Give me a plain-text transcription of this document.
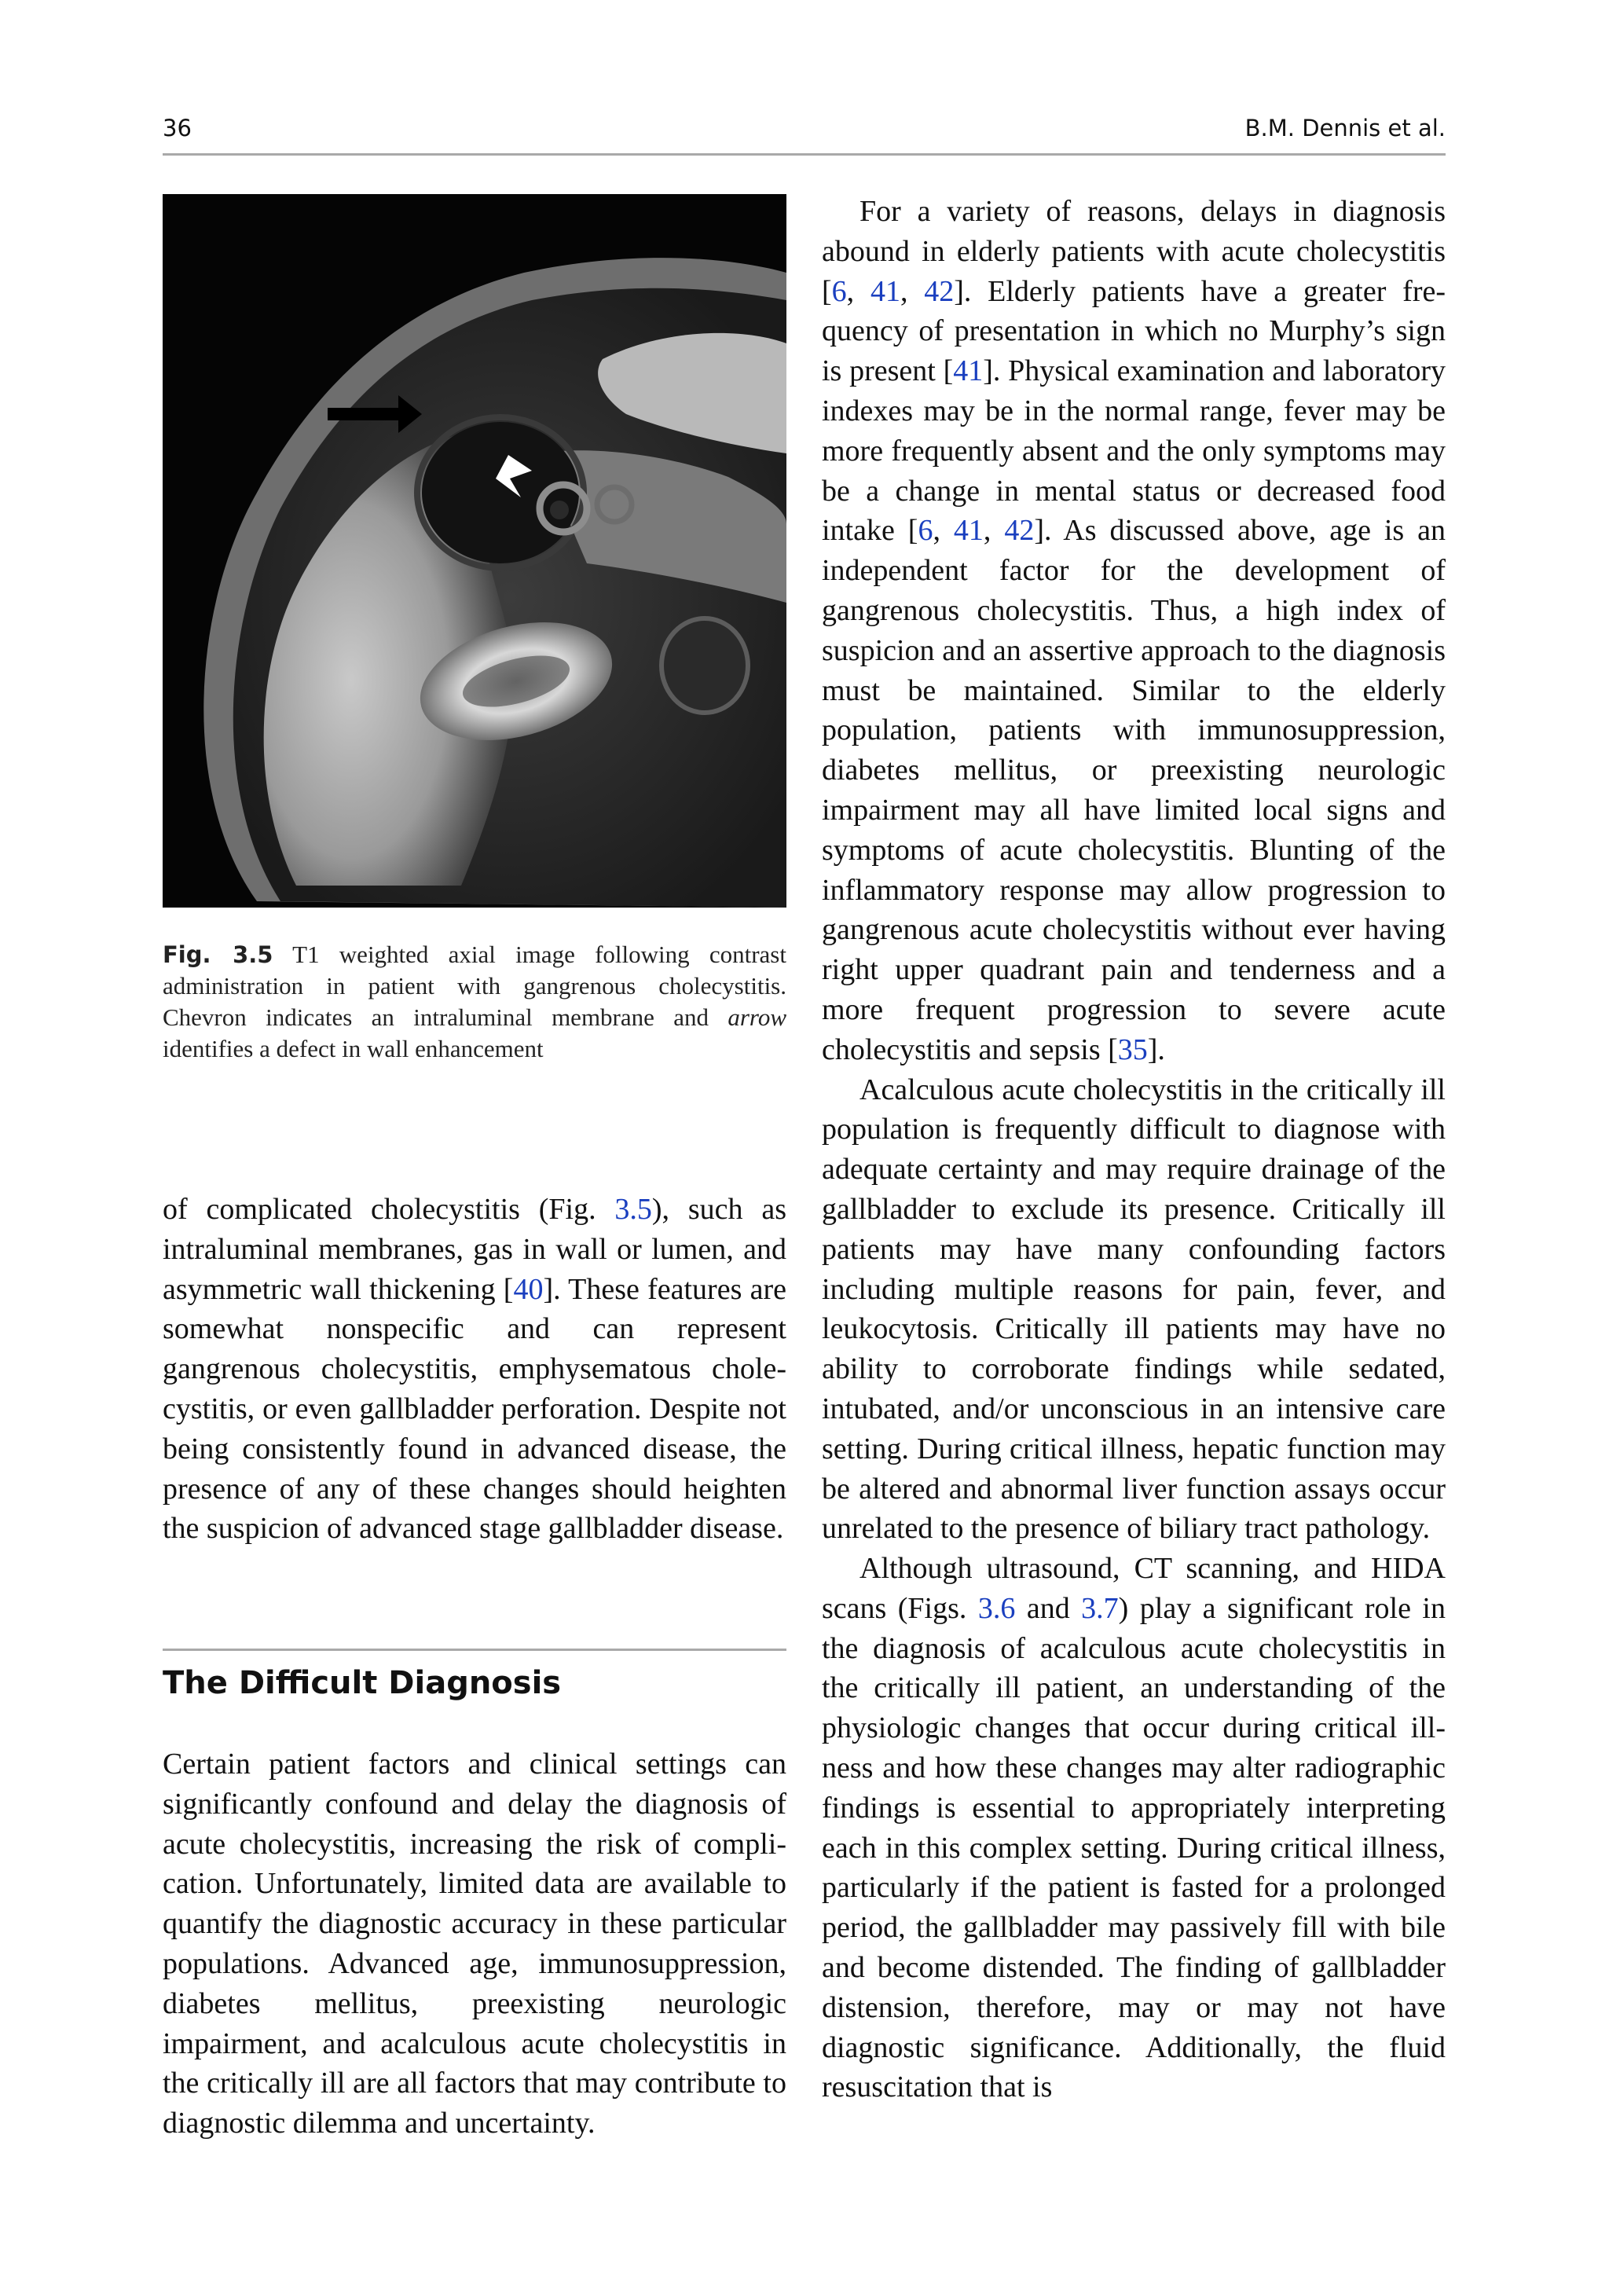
36	B.M. Dennis et al.
Fig. 3.5 T1 weighted axial image following contrast administration in patient with gangrenous cholecystitis. Chevron indicates an intraluminal membrane and arrow identifies a defect in wall enhancement

of complicated cholecystitis (Fig. 3.5), such as intraluminal membranes, gas in wall or lumen, and asymmetric wall thickening [40]. These features are somewhat nonspecific and can represent gangrenous cholecystitis, emphysematous cholecystitis, or even gallbladder perforation. Despite not being consistently found in advanced disease, the presence of any of these changes should heighten the suspicion of advanced stage gallbladder disease.

The Difficult Diagnosis

Certain patient factors and clinical settings can significantly confound and delay the diagnosis of acute cholecystitis, increasing the risk of complication. Unfortunately, limited data are available to quantify the diagnostic accuracy in these particular populations. Advanced age, immunosuppression, diabetes mellitus, preexisting neurologic impairment, and acalculous acute cholecystitis in the critically ill are all factors that may contribute to diagnostic dilemma and uncertainty.

For a variety of reasons, delays in diagnosis abound in elderly patients with acute cholecystitis [6, 41, 42]. Elderly patients have a greater frequency of presentation in which no Murphy’s sign is present [41]. Physical examination and laboratory indexes may be in the normal range, fever may be more frequently absent and the only symptoms may be a change in mental status or decreased food intake [6, 41, 42]. As discussed above, age is an independent factor for the development of gangrenous cholecystitis. Thus, a high index of suspicion and an assertive approach to the diagnosis must be maintained. Similar to the elderly population, patients with immunosuppression, diabetes mellitus, or preexisting neurologic impairment may all have limited local signs and symptoms of acute cholecystitis. Blunting of the inflammatory response may allow progression to gangrenous acute cholecystitis without ever having right upper quadrant pain and tenderness and a more frequent progression to severe acute cholecystitis and sepsis [35].

Acalculous acute cholecystitis in the critically ill population is frequently difficult to diagnose with adequate certainty and may require drainage of the gallbladder to exclude its presence. Critically ill patients may have many confounding factors including multiple reasons for pain, fever, and leukocytosis. Critically ill patients may have no ability to corroborate findings while sedated, intubated, and/or unconscious in an intensive care setting. During critical illness, hepatic function may be altered and abnormal liver function assays occur unrelated to the presence of biliary tract pathology.

Although ultrasound, CT scanning, and HIDA scans (Figs. 3.6 and 3.7) play a significant role in the diagnosis of acalculous acute cholecystitis in the critically ill patient, an understanding of the physiologic changes that occur during critical illness and how these changes may alter radiographic findings is essential to appropriately interpreting each in this complex setting. During critical illness, particularly if the patient is fasted for a prolonged period, the gallbladder may passively fill with bile and become distended. The finding of gallbladder distension, therefore, may or may not have diagnostic significance. Additionally, the fluid resuscitation that is
